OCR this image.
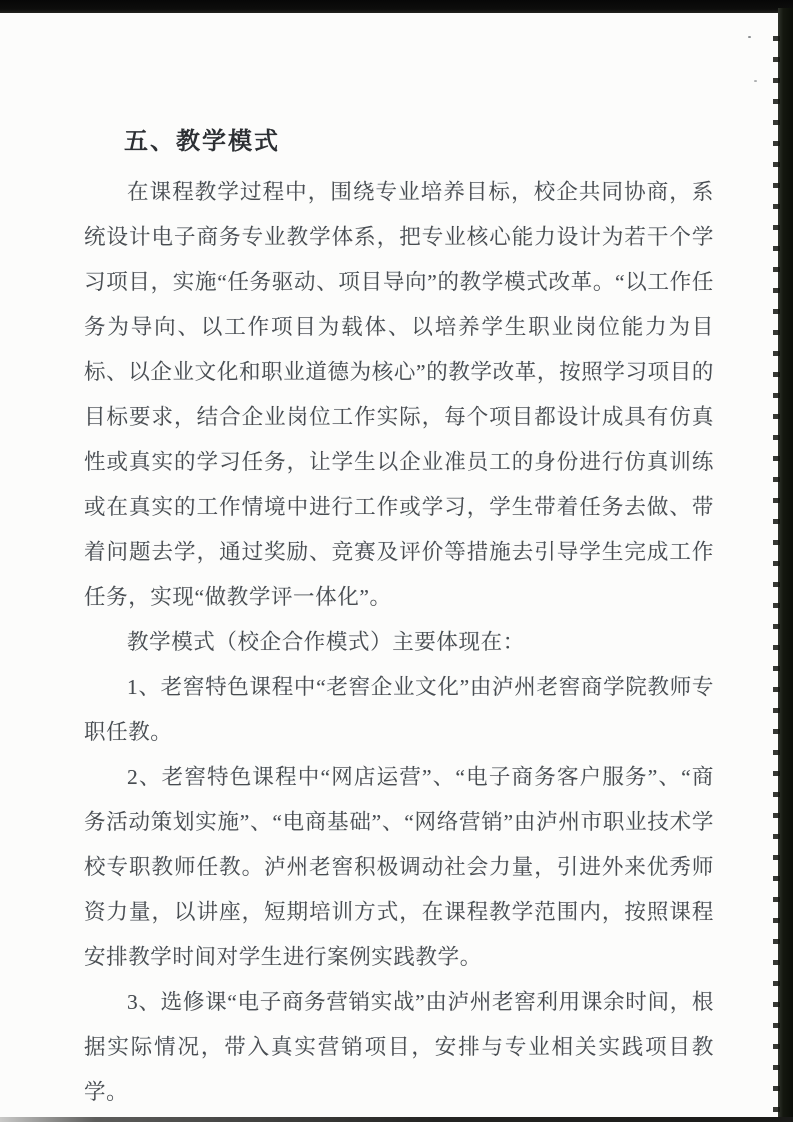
五、教学模式

在课程教学过程中，围绕专业培养目标，校企共同协商，系统设计电子商务专业教学体系，把专业核心能力设计为若干个学习项目，实施“任务驱动、项目导向”的教学模式改革。“以工作任务为导向、以工作项目为载体、以培养学生职业岗位能力为目标、以企业文化和职业道德为核心”的教学改革，按照学习项目的目标要求，结合企业岗位工作实际，每个项目都设计成具有仿真性或真实的学习任务，让学生以企业准员工的身份进行仿真训练或在真实的工作情境中进行工作或学习，学生带着任务去做、带着问题去学，通过奖励、竞赛及评价等措施去引导学生完成工作任务，实现“做教学评一体化”。

教学模式（校企合作模式）主要体现在：

1、老窖特色课程中“老窖企业文化”由泸州老窖商学院教师专职任教。

2、老窖特色课程中“网店运营”、“电子商务客户服务”、“商务活动策划实施”、“电商基础”、“网络营销”由泸州市职业技术学校专职教师任教。泸州老窖积极调动社会力量，引进外来优秀师资力量，以讲座，短期培训方式，在课程教学范围内，按照课程安排教学时间对学生进行案例实践教学。

3、选修课“电子商务营销实战”由泸州老窖利用课余时间，根据实际情况，带入真实营销项目，安排与专业相关实践项目教学。
